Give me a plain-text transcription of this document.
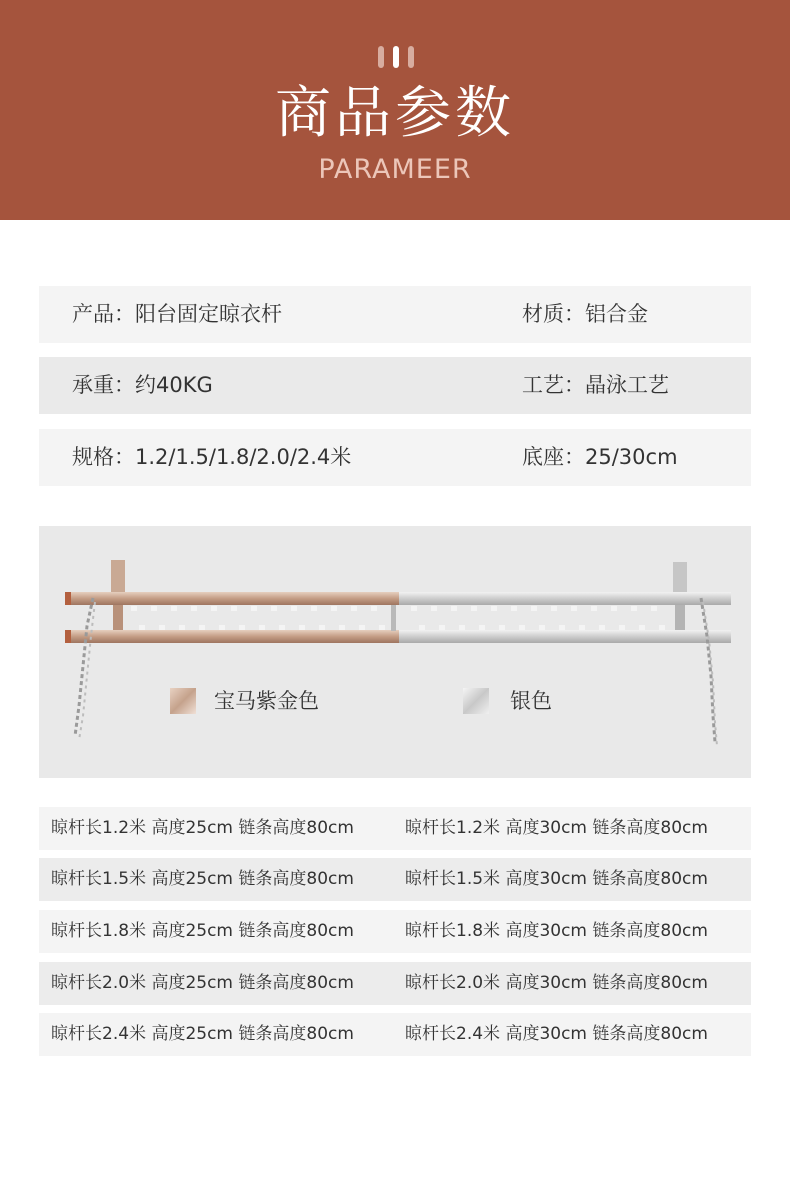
商品参数
PARAMEER
产品：阳台固定晾衣杆	材质：铝合金
承重：约40KG	工艺：晶泳工艺
规格：1.2/1.5/1.8/2.0/2.4米	底座：25/30cm
宝马紫金色	银色
晾杆长1.2米 高度25cm 链条高度80cm	晾杆长1.2米 高度30cm 链条高度80cm
晾杆长1.5米 高度25cm 链条高度80cm	晾杆长1.5米 高度30cm 链条高度80cm
晾杆长1.8米 高度25cm 链条高度80cm	晾杆长1.8米 高度30cm 链条高度80cm
晾杆长2.0米 高度25cm 链条高度80cm	晾杆长2.0米 高度30cm 链条高度80cm
晾杆长2.4米 高度25cm 链条高度80cm	晾杆长2.4米 高度30cm 链条高度80cm
